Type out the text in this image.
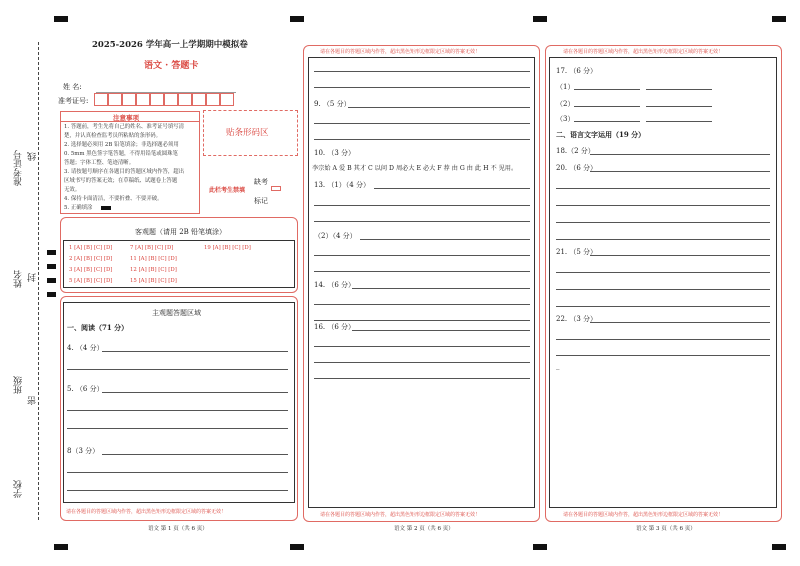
准考证号 线
姓名 封
班级
密
学校
2025-2026 学年高一上学期期中模拟卷
语文 · 答题卡
姓 名:
准考证号:
注意事项
1. 答题前，考生先将自己的姓名、准考证号填写清
楚，并认真检查监考员所粘贴的条形码。
2. 选择题必须用 2B 铅笔填涂；非选择题必须用
0. 5mm 黑色签字笔答题，不得用铅笔或圆珠笔
答题；字体工整、笔迹清晰。
3. 请按题号顺序在各题目的答题区域内作答，超出
区域书写的答案无效；在草稿纸、试题卷上答题
无效。
4. 保持卡面清洁，不要折叠、不要弄破。
5. 正确填涂
贴条形码区
此栏考生禁填
缺考
标记
客观题（请用 2B 铅笔填涂）
1 [A] [B] [C] [D]
2 [A] [B] [C] [D]
3 [A] [B] [C] [D]
5 [A] [B] [C] [D]
7 [A] [B] [C] [D]
11 [A] [B] [C] [D]
12 [A] [B] [C] [D]
15 [A] [B] [C] [D]
19 [A] [B] [C] [D]
主观题答题区域
一、阅读（71 分）
4. （4 分）
5. （6 分）
8（3 分）
请在各题目的答题区域内作答，超出黑色矩形边框限定区域的答案无效！
语文 第 1 页（共 6 页）
请在各题目的答题区域内作答，超出黑色矩形边框限定区域的答案无效！
9. （5 分）
10. （3 分）
李宗始 A 爱 B 其才 C 以问 D 周必大 E 必大 F 荐 由 G 由 此 H 不 见用。
13. （1）（4 分）
（2）（4 分）
14. （6 分）
16. （6 分）
请在各题目的答题区域内作答，超出黑色矩形边框限定区域的答案无效！
语文 第 2 页（共 6 页）
请在各题目的答题区域内作答，超出黑色矩形边框限定区域的答案无效！
17. （6 分）
（1）
（2）
（3）
二、语言文字运用（19 分）
18.（2 分）
20. （6 分）
21. （5 分）
22. （3 分）
_
请在各题目的答题区域内作答，超出黑色矩形边框限定区域的答案无效！
语文 第 3 页（共 6 页）
